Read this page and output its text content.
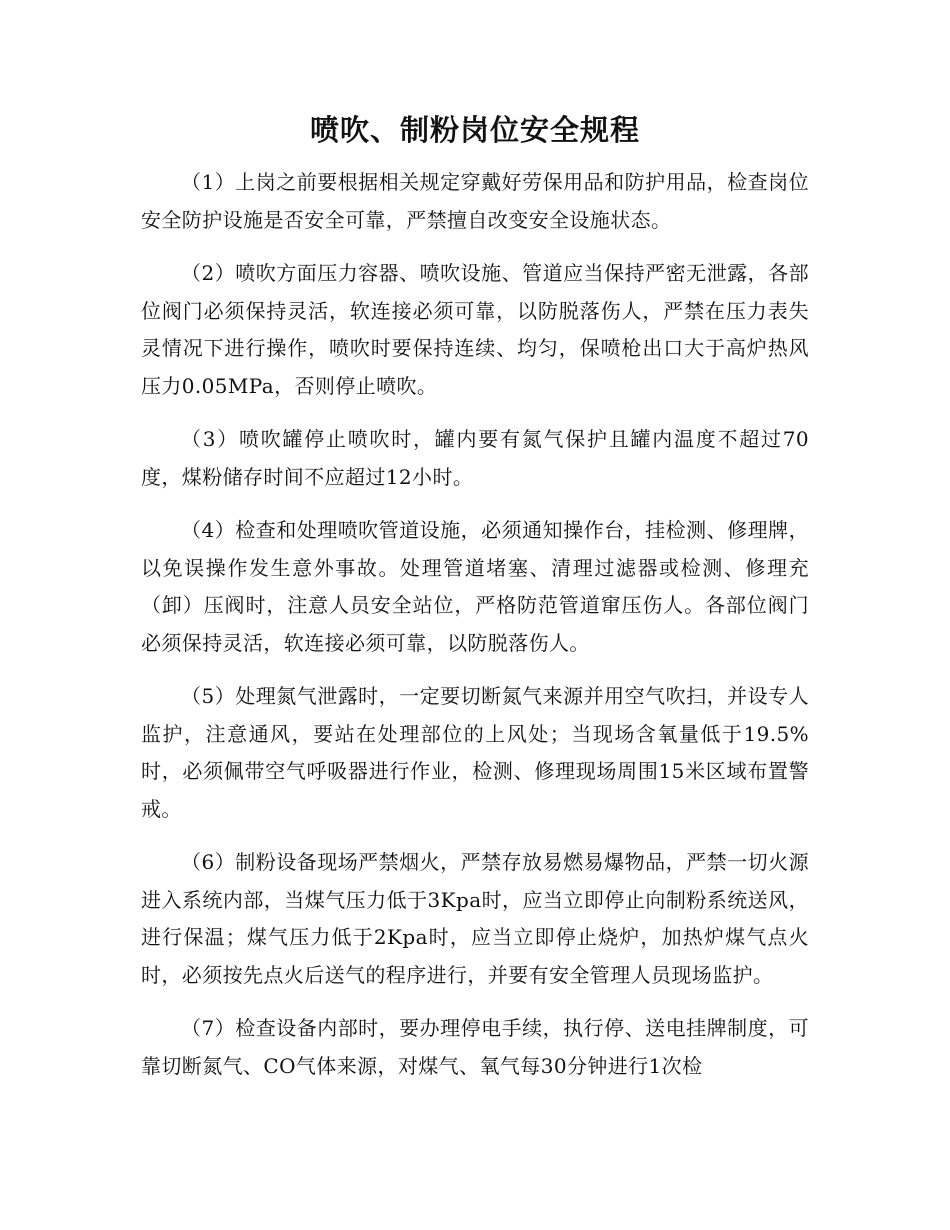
喷吹、制粉岗位安全规程

（1）上岗之前要根据相关规定穿戴好劳保用品和防护用品，检查岗位安全防护设施是否安全可靠，严禁擅自改变安全设施状态。

（2）喷吹方面压力容器、喷吹设施、管道应当保持严密无泄露，各部位阀门必须保持灵活，软连接必须可靠，以防脱落伤人，严禁在压力表失灵情况下进行操作，喷吹时要保持连续、均匀，保喷枪出口大于高炉热风压力0.05MPa，否则停止喷吹。

（3）喷吹罐停止喷吹时，罐内要有氮气保护且罐内温度不超过70度，煤粉储存时间不应超过12小时。

（4）检查和处理喷吹管道设施，必须通知操作台，挂检测、修理牌，以免误操作发生意外事故。处理管道堵塞、清理过滤器或检测、修理充（卸）压阀时，注意人员安全站位，严格防范管道窜压伤人。各部位阀门必须保持灵活，软连接必须可靠，以防脱落伤人。

（5）处理氮气泄露时，一定要切断氮气来源并用空气吹扫，并设专人监护，注意通风，要站在处理部位的上风处；当现场含氧量低于19.5%时，必须佩带空气呼吸器进行作业，检测、修理现场周围15米区域布置警戒。

（6）制粉设备现场严禁烟火，严禁存放易燃易爆物品，严禁一切火源进入系统内部，当煤气压力低于3Kpa时，应当立即停止向制粉系统送风，进行保温；煤气压力低于2Kpa时，应当立即停止烧炉，加热炉煤气点火时，必须按先点火后送气的程序进行，并要有安全管理人员现场监护。

（7）检查设备内部时，要办理停电手续，执行停、送电挂牌制度，可靠切断氮气、CO气体来源，对煤气、氧气每30分钟进行1次检
